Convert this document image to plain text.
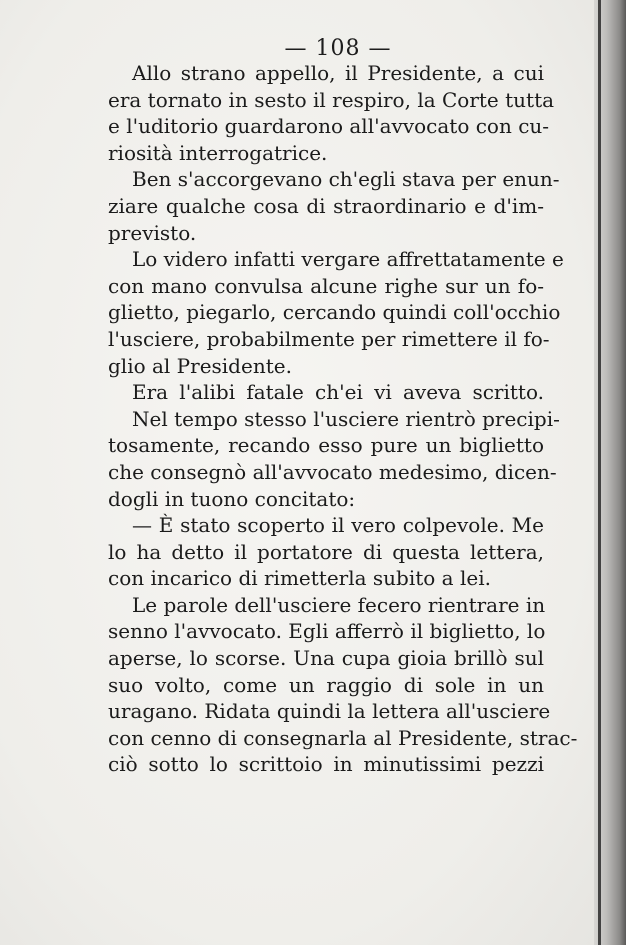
— 108 —
Allo strano appello, il Presidente, a cui
era tornato in sesto il respiro, la Corte tutta
e l'uditorio guardarono all'avvocato con cu-
riosità interrogatrice.
Ben s'accorgevano ch'egli stava per enun-
ziare qualche cosa di straordinario e d'im-
previsto.
Lo videro infatti vergare affrettatamente e
con mano convulsa alcune righe sur un fo-
glietto, piegarlo, cercando quindi coll'occhio
l'usciere, probabilmente per rimettere il fo-
glio al Presidente.
Era l'alibi fatale ch'ei vi aveva scritto.
Nel tempo stesso l'usciere rientrò precipi-
tosamente, recando esso pure un biglietto
che consegnò all'avvocato medesimo, dicen-
dogli in tuono concitato:
— È stato scoperto il vero colpevole. Me
lo ha detto il portatore di questa lettera,
con incarico di rimetterla subito a lei.
Le parole dell'usciere fecero rientrare in
senno l'avvocato. Egli afferrò il biglietto, lo
aperse, lo scorse. Una cupa gioia brillò sul
suo volto, come un raggio di sole in un
uragano. Ridata quindi la lettera all'usciere
con cenno di consegnarla al Presidente, strac-
ciò sotto lo scrittoio in minutissimi pezzi
